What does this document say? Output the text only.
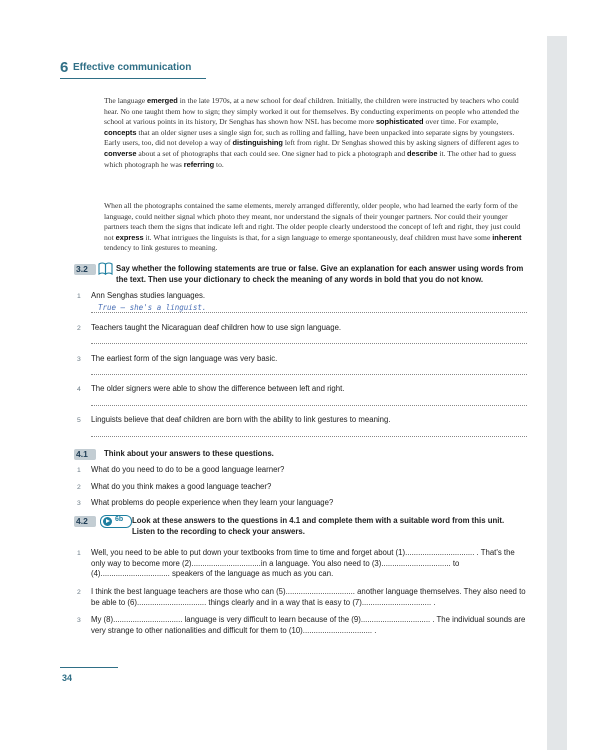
6 Effective communication

The language emerged in the late 1970s, at a new school for deaf children. Initially, the children were instructed by teachers who could hear. No one taught them how to sign; they simply worked it out for themselves. By conducting experiments on people who attended the school at various points in its history, Dr Senghas has shown how NSL has become more sophisticated over time. For example, concepts that an older signer uses a single sign for, such as rolling and falling, have been unpacked into separate signs by youngsters. Early users, too, did not develop a way of distinguishing left from right. Dr Senghas showed this by asking signers of different ages to converse about a set of photographs that each could see. One signer had to pick a photograph and describe it. The other had to guess which photograph he was referring to.

When all the photographs contained the same elements, merely arranged differently, older people, who had learned the early form of the language, could neither signal which photo they meant, nor understand the signals of their younger partners. Nor could their younger partners teach them the signs that indicate left and right. The older people clearly understood the concept of left and right, they just could not express it. What intrigues the linguists is that, for a sign language to emerge spontaneously, deaf children must have some inherent tendency to link gestures to meaning.

3.2	Say whether the following statements are true or false. Give an explanation for each answer using words from the text. Then use your dictionary to check the meaning of any words in bold that you do not know.

1 Ann Senghas studies languages.

True – she's a linguist.
2 Teachers taught the Nicaraguan deaf children how to use sign language.

3 The earliest form of the sign language was very basic.

4 The older signers were able to show the difference between left and right.

5 Linguists believe that deaf children are born with the ability to link gestures to meaning.

4.1 Think about your answers to these questions.

1 What do you need to do to be a good language learner?

2 What do you think makes a good language teacher?

3 What problems do people experience when they learn your language?

4.2	6b Look at these answers to the questions in 4.1 and complete them with a suitable word from this unit. Listen to the recording to check your answers.

1 Well, you need to be able to put down your textbooks from time to time and forget about (1)................................ . That's the only way to become more (2)................................in a language. You also need to (3)................................ to (4)................................ speakers of the language as much as you can.

2 I think the best language teachers are those who can (5)................................ another language themselves. They also need to be able to (6)................................ things clearly and in a way that is easy to (7)................................ .

3 My (8)................................ language is very difficult to learn because of the (9)................................ . The individual sounds are very strange to other nationalities and difficult for them to (10)................................ .

34
